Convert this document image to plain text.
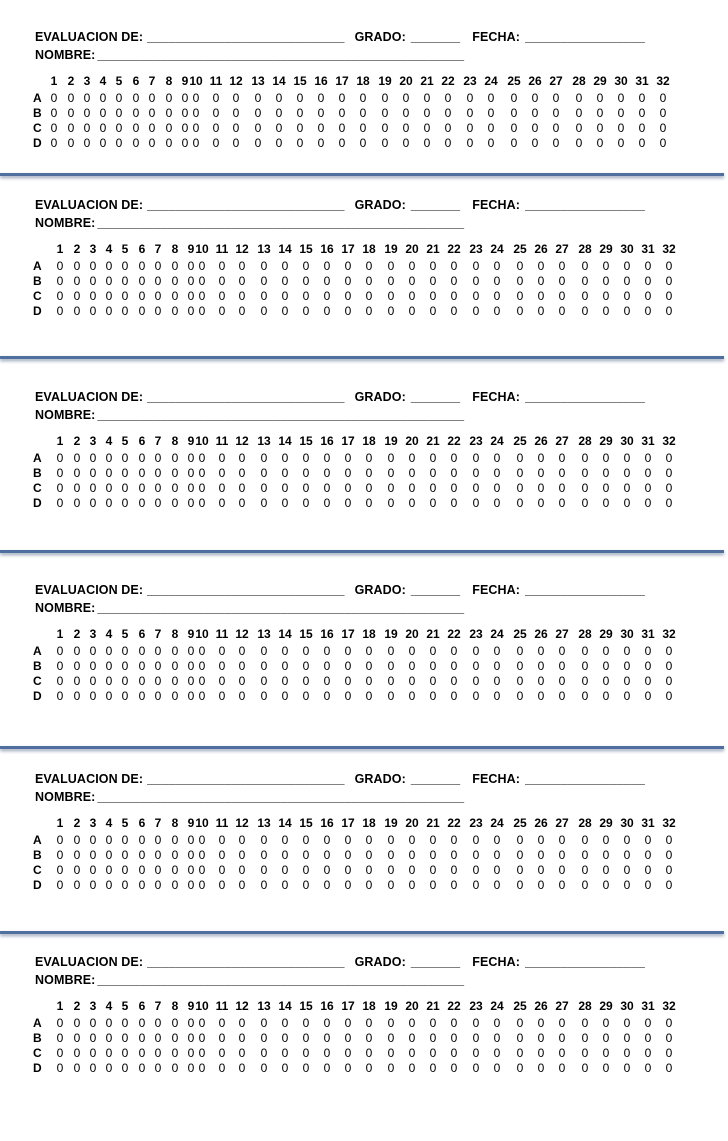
EVALUACION DE: ____________________________ GRADO: _______ FECHA: _________________
NOMBRE: ____________________________________________________
1 2 3 4 5 6 7 8 9 10 11 12 13 14 15 16 17 18 19 20 21 22 23 24 25 26 27 28 29 30 31 32
A 0 0 0 0 0 0 0 0 0 0	0	0	0	0	0	0	0	0	0	0	0	0	0	0	0	0	0	0	0	0	0	0
B 0 0 0 0 0 0 0 0 0 0	0	0	0	0	0	0	0	0	0	0	0	0	0	0	0	0	0	0	0	0	0	0
C 0 0 0 0 0 0 0 0 0 0	0	0	0	0	0	0	0	0	0	0	0	0	0	0	0	0	0	0	0	0	0	0
D 0 0 0 0 0 0 0 0 0 0	0	0	0	0	0	0	0	0	0	0	0	0	0	0	0	0	0	0	0	0	0	0
EVALUACION DE: ____________________________ GRADO: _______ FECHA: _________________
NOMBRE: ____________________________________________________
1 2 3 4 5 6 7 8 9 10 11 12 13 14 15 16 17 18 19 20 21 22 23 24 25 26 27 28 29 30 31 32
A	0 0 0 0 0 0 0 0 0 0	0	0	0	0	0	0	0	0	0	0	0	0	0	0	0	0	0	0	0	0	0	0
B	0 0 0 0 0 0 0 0 0 0	0	0	0	0	0	0	0	0	0	0	0	0	0	0	0	0	0	0	0	0	0	0
C	0 0 0 0 0 0 0 0 0 0	0	0	0	0	0	0	0	0	0	0	0	0	0	0	0	0	0	0	0	0	0	0
D	0 0 0 0 0 0 0 0 0 0	0	0	0	0	0	0	0	0	0	0	0	0	0	0	0	0	0	0	0	0	0	0
EVALUACION DE: ____________________________ GRADO: _______ FECHA: _________________
NOMBRE: ____________________________________________________
1 2 3 4 5 6 7 8 9 10 11 12 13 14 15 16 17 18 19 20 21 22 23 24 25 26 27 28 29 30 31 32
A	0 0 0 0 0 0 0 0 0 0	0	0	0	0	0	0	0	0	0	0	0	0	0	0	0	0	0	0	0	0	0	0
B	0 0 0 0 0 0 0 0 0 0	0	0	0	0	0	0	0	0	0	0	0	0	0	0	0	0	0	0	0	0	0	0
C	0 0 0 0 0 0 0 0 0 0	0	0	0	0	0	0	0	0	0	0	0	0	0	0	0	0	0	0	0	0	0	0
D	0 0 0 0 0 0 0 0 0 0	0	0	0	0	0	0	0	0	0	0	0	0	0	0	0	0	0	0	0	0	0	0
EVALUACION DE: ____________________________ GRADO: _______ FECHA: _________________
NOMBRE: ____________________________________________________
1 2 3 4 5 6 7 8 9 10 11 12 13 14 15 16 17 18 19 20 21 22 23 24 25 26 27 28 29 30 31 32
A	0 0 0 0 0 0 0 0 0 0	0	0	0	0	0	0	0	0	0	0	0	0	0	0	0	0	0	0	0	0	0	0
B	0 0 0 0 0 0 0 0 0 0	0	0	0	0	0	0	0	0	0	0	0	0	0	0	0	0	0	0	0	0	0	0
C	0 0 0 0 0 0 0 0 0 0	0	0	0	0	0	0	0	0	0	0	0	0	0	0	0	0	0	0	0	0	0	0
D	0 0 0 0 0 0 0 0 0 0	0	0	0	0	0	0	0	0	0	0	0	0	0	0	0	0	0	0	0	0	0	0
EVALUACION DE: ____________________________ GRADO: _______ FECHA: _________________
NOMBRE: ____________________________________________________
1 2 3 4 5 6 7 8 9 10 11 12 13 14 15 16 17 18 19 20 21 22 23 24 25 26 27 28 29 30 31 32
A	0 0 0 0 0 0 0 0 0 0	0	0	0	0	0	0	0	0	0	0	0	0	0	0	0	0	0	0	0	0	0	0
B	0 0 0 0 0 0 0 0 0 0	0	0	0	0	0	0	0	0	0	0	0	0	0	0	0	0	0	0	0	0	0	0
C	0 0 0 0 0 0 0 0 0 0	0	0	0	0	0	0	0	0	0	0	0	0	0	0	0	0	0	0	0	0	0	0
D	0 0 0 0 0 0 0 0 0 0	0	0	0	0	0	0	0	0	0	0	0	0	0	0	0	0	0	0	0	0	0	0
EVALUACION DE: ____________________________ GRADO: _______ FECHA: _________________
NOMBRE: ____________________________________________________
1 2 3 4 5 6 7 8 9 10 11 12 13 14 15 16 17 18 19 20 21 22 23 24 25 26 27 28 29 30 31 32
A	0 0 0 0 0 0 0 0 0 0	0	0	0	0	0	0	0	0	0	0	0	0	0	0	0	0	0	0	0	0	0	0
B	0 0 0 0 0 0 0 0 0 0	0	0	0	0	0	0	0	0	0	0	0	0	0	0	0	0	0	0	0	0	0	0
C	0 0 0 0 0 0 0 0 0 0	0	0	0	0	0	0	0	0	0	0	0	0	0	0	0	0	0	0	0	0	0	0
D	0 0 0 0 0 0 0 0 0 0	0	0	0	0	0	0	0	0	0	0	0	0	0	0	0	0	0	0	0	0	0	0
